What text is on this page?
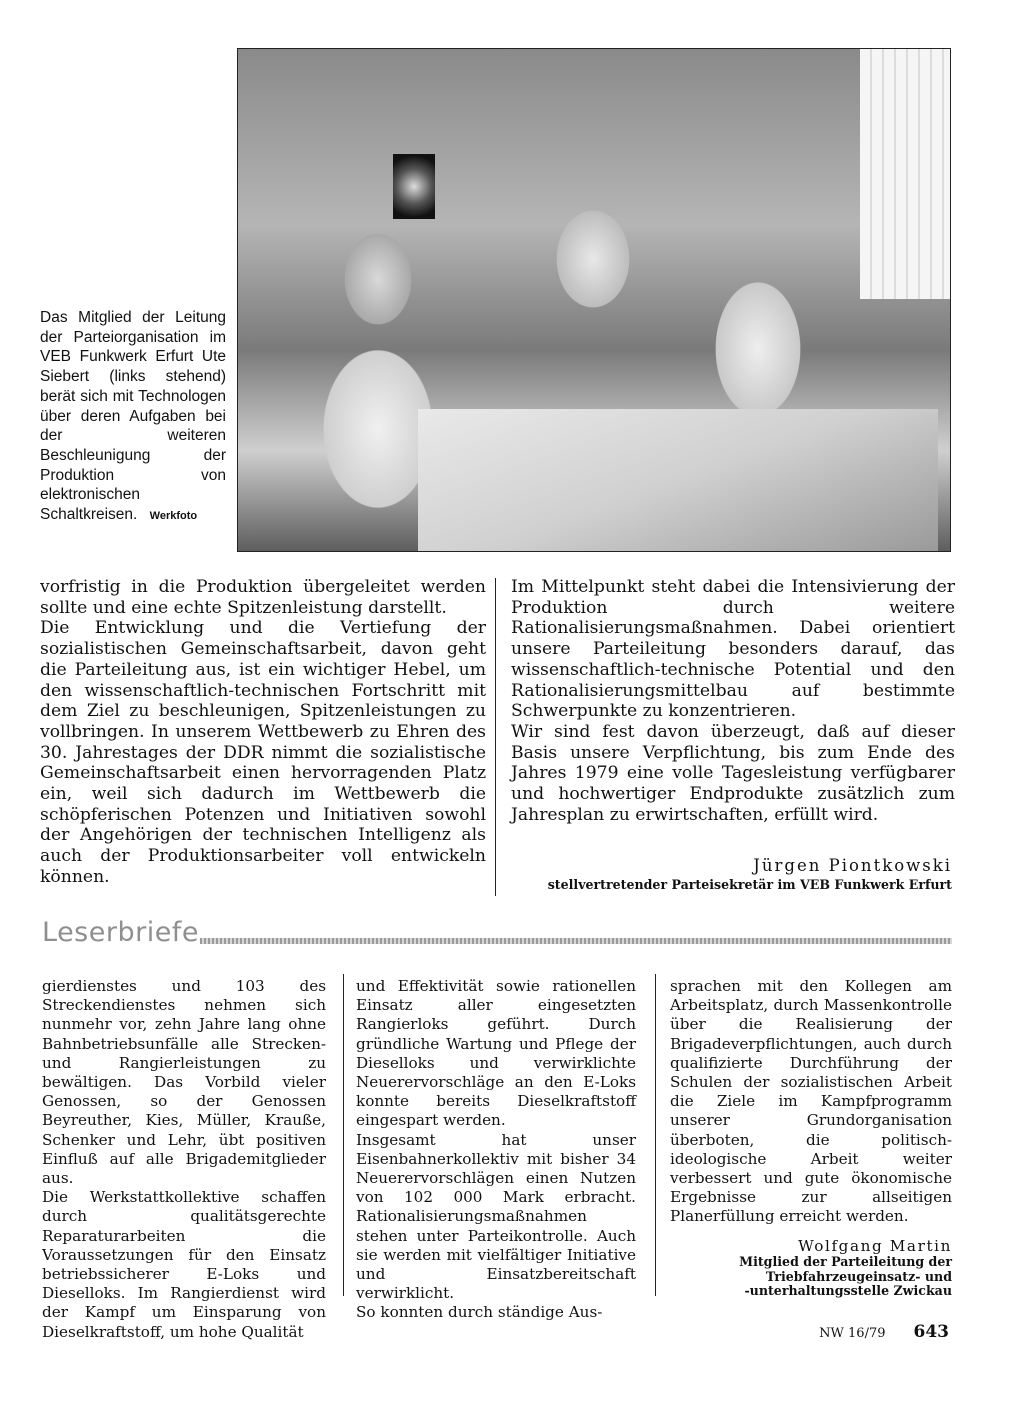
Das Mitglied der Leitung der Parteiorganisation im VEB Funkwerk Erfurt Ute Siebert (links stehend) berät sich mit Technologen über deren Aufgaben bei der weiteren Beschleunigung der Produktion von elektronischen Schaltkreisen. Werkfoto

vorfristig in die Produktion übergeleitet werden sollte und eine echte Spitzenleistung darstellt.

Die Entwicklung und die Vertiefung der sozialistischen Gemeinschaftsarbeit, davon geht die Parteileitung aus, ist ein wichtiger Hebel, um den wissenschaftlich-technischen Fortschritt mit dem Ziel zu beschleunigen, Spitzenleistungen zu vollbringen. In unserem Wettbewerb zu Ehren des 30. Jahrestages der DDR nimmt die sozialistische Gemeinschaftsarbeit einen hervorragenden Platz ein, weil sich dadurch im Wettbewerb die schöpferischen Potenzen und Initiativen sowohl der Angehörigen der technischen Intelligenz als auch der Produktionsarbeiter voll entwickeln können.

Im Mittelpunkt steht dabei die Intensivierung der Produktion durch weitere Rationalisierungsmaßnahmen. Dabei orientiert unsere Parteileitung besonders darauf, das wissenschaftlich-technische Potential und den Rationalisierungsmittelbau auf bestimmte Schwerpunkte zu konzentrieren.

Wir sind fest davon überzeugt, daß auf dieser Basis unsere Verpflichtung, bis zum Ende des Jahres 1979 eine volle Tagesleistung verfügbarer und hochwertiger Endprodukte zusätzlich zum Jahresplan zu erwirtschaften, erfüllt wird.

Jürgen Piontkowski
stellvertretender Parteisekretär im VEB Funkwerk Erfurt
Leserbriefe

gierdienstes und 103 des Streckendienstes nehmen sich nunmehr vor, zehn Jahre lang ohne Bahnbetriebsunfälle alle Strecken- und Rangierleistungen zu bewältigen. Das Vorbild vieler Genossen, so der Genossen Beyreuther, Kies, Müller, Krauße, Schenker und Lehr, übt positiven Einfluß auf alle Brigademitglieder aus.

Die Werkstattkollektive schaffen durch qualitätsgerechte Reparaturarbeiten die Voraussetzungen für den Einsatz betriebssicherer E-Loks und Dieselloks. Im Rangierdienst wird der Kampf um Einsparung von Dieselkraftstoff, um hohe Qualität

und Effektivität sowie rationellen Einsatz aller eingesetzten Rangierloks geführt. Durch gründliche Wartung und Pflege der Dieselloks und verwirklichte Neuerervorschläge an den E-Loks konnte bereits Dieselkraftstoff eingespart werden.

Insgesamt hat unser Eisenbahnerkollektiv mit bisher 34 Neuerervorschlägen einen Nutzen von 102 000 Mark erbracht. Rationalisierungsmaßnahmen stehen unter Parteikontrolle. Auch sie werden mit vielfältiger Initiative und Einsatzbereitschaft verwirklicht.

So konnten durch ständige Aus-

sprachen mit den Kollegen am Arbeitsplatz, durch Massenkontrolle über die Realisierung der Brigadeverpflichtungen, auch durch qualifizierte Durchführung der Schulen der sozialistischen Arbeit die Ziele im Kampfprogramm unserer Grundorganisation überboten, die politisch-ideologische Arbeit weiter verbessert und gute ökonomische Ergebnisse zur allseitigen Planerfüllung erreicht werden.

Wolfgang Martin
Mitglied der Parteileitung der
Triebfahrzeugeinsatz- und
-unterhaltungsstelle Zwickau
NW 16/79 643
